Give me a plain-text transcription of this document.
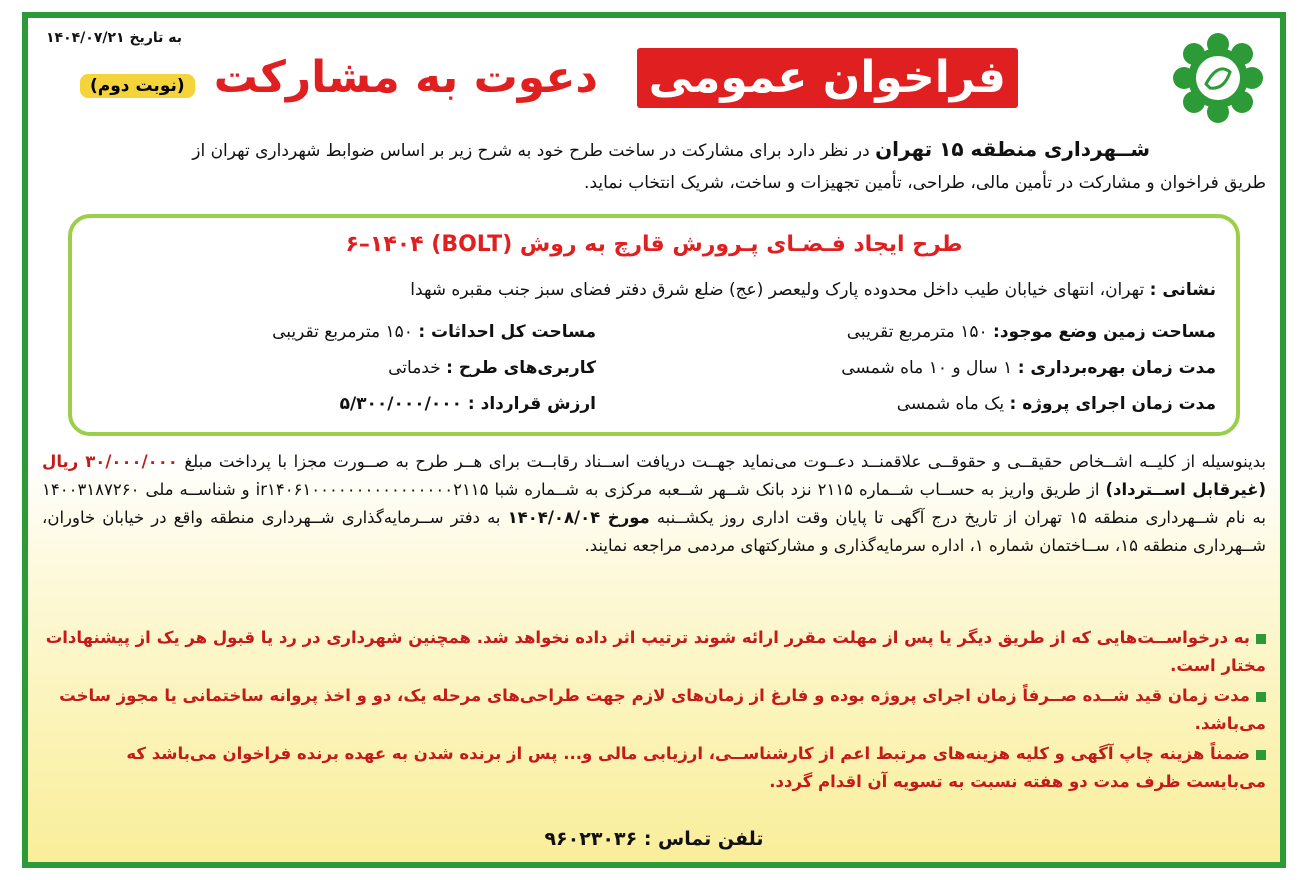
به تاریخ ۱۴۰۴/۰۷/۲۱
(نوبت دوم)	فراخوان عمومی
دعوت به مشارکت
شــهرداری منطقه ۱۵ تهران در نظر دارد برای مشارکت در ساخت طرح خود به شرح زیر بر اساس ضوابط شهرداری تهران از
طریق فراخوان و مشارکت در تأمین مالی، طراحی، تأمین تجهیزات و ساخت، شریک انتخاب نماید.
طرح ایجاد فـضـای پـرورش قارچ به روش (BOLT) ۶–۱۴۰۴
نشانی : تهران، انتهای خیابان طیب داخل محدوده پارک ولیعصر (عج) ضلع شرق دفتر فضای سبز جنب مقبره شهدا
مساحت زمین وضع موجود: ۱۵۰ مترمربع تقریبی
مساحت کل احداثات : ۱۵۰ مترمربع تقریبی
مدت زمان بهره‌برداری : ۱ سال و ۱۰ ماه شمسی
کاربری‌های طرح : خدماتی
مدت زمان اجرای پروژه : یک ماه شمسی
ارزش قرارداد : ۵/۳۰۰/۰۰۰/۰۰۰
بدینوسیله از کلیــه اشــخاص حقیقــی و حقوقــی علاقمنــد دعــوت می‌نماید جهــت دریافت اســناد رقابــت برای هــر طرح به صــورت مجزا با پرداخت مبلغ ۳۰/۰۰۰/۰۰۰ ریال (غیرقابل اســترداد) از طریق واریز به حســاب شــماره ۲۱۱۵ نزد بانک شــهر شــعبه مرکزی به شــماره شبا ir۱۴۰۶۱۰۰۰۰۰۰۰۰۰۰۰۰۰۰۰۰۲۱۱۵ و شناســه ملی ۱۴۰۰۳۱۸۷۲۶۰ به نام شــهرداری منطقه ۱۵ تهران از تاریخ درج آگهی تا پایان وقت اداری روز یکشــنبه مورخ ۱۴۰۴/۰۸/۰۴ به دفتر ســرمایه‌گذاری شــهرداری منطقه واقع در خیابان خاوران، شــهرداری منطقه ۱۵، ســاختمان شماره ۱، اداره سرمایه‌گذاری و مشارکتهای مردمی مراجعه نمایند.

به درخواســت‌هایی که از طریق دیگر یا پس از مهلت مقرر ارائه شوند ترتیب اثر داده نخواهد شد. همچنین شهرداری در رد یا قبول هر یک از پیشنهادات مختار است.

مدت زمان قید شــده صــرفاً زمان اجرای پروژه بوده و فارغ از زمان‌های لازم جهت طراحی‌های مرحله یک، دو و اخذ پروانه ساختمانی یا مجوز ساخت می‌باشد.

ضمناً هزینه چاپ آگهی و کلیه هزینه‌های مرتبط اعم از کارشناســی، ارزیابی مالی و... پس از برنده شدن به عهده برنده فراخوان می‌باشد که می‌بایست ظرف مدت دو هفته نسبت به تسویه آن اقدام گردد.

تلفن تماس : ۹۶۰۲۳۰۳۶
